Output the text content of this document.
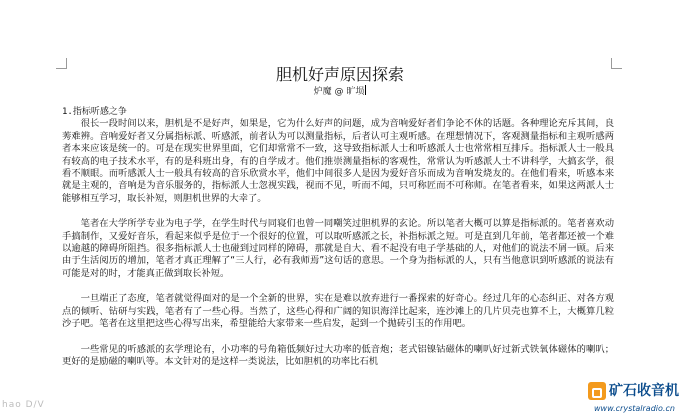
胆机好声原因探索
炉魔 @ 旷埙

1.指标听感之争

很长一段时间以来，胆机是不是好声，如果是，它为什么好声的问题，成为音响爱好者们争论不休的话题。各种理论充斥其间，良莠难辨。音响爱好者又分属指标派、听感派，前者认为可以测量指标，后者认可主观听感。在理想情况下，客观测量指标和主观听感两者本来应该是统一的。可是在现实世界里面，它们却常常不一致，这导致指标派人士和听感派人士也常常相互排斥。指标派人士一般具有较高的电子技术水平，有的是科班出身，有的自学成才。他们推崇测量指标的客观性，常常认为听感派人士不讲科学，大搞玄学，很看不顺眼。而听感派人士一般具有较高的音乐欣赏水平，他们中间很多人是因为爱好音乐而成为音响发烧友的。在他们看来，听感本来就是主观的，音响是为音乐服务的，指标派人士忽视实践，视而不见，听而不闻，只可称匠而不可称师。在笔者看来，如果这两派人士能够相互学习，取长补短，则胆机世界的大幸了。

笔者在大学所学专业为电子学，在学生时代与同寝们也曾一同嘲笑过胆机界的玄论。所以笔者大概可以算是指标派的。笔者喜欢动手搞制作，又爱好音乐，看起来似乎是位于一个很好的位置，可以取听感派之长，补指标派之短。可是直到几年前，笔者都还被一个难以逾越的障碍所阻挡。很多指标派人士也碰到过同样的障碍，那就是自大、看不起没有电子学基础的人，对他们的说法不屑一顾。后来由于生活阅历的增加，笔者才真正理解了“三人行，必有我师焉”这句话的意思。一个身为指标派的人，只有当他意识到听感派的说法有可能是对的时，才能真正做到取长补短。

一旦端正了态度，笔者就觉得面对的是一个全新的世界，实在是难以放弃进行一番探索的好奇心。经过几年的心态纠正、对各方观点的倾听、钻研与实践，笔者有了一些心得。当然了，这些心得和广阔的知识海洋比起来，连沙滩上的几片贝壳也算不上，大概算几粒沙子吧。笔者在这里把这些心得写出来，希望能给大家带来一些启发，起到一个抛砖引玉的作用吧。

一些常见的听感派的玄学理论有，小功率的号角箱低频好过大功率的低音炮；老式铝镍钴磁体的喇叭好过新式铁氧体磁体的喇叭；更好的是励磁的喇叭等。本文针对的是这样一类说法，比如胆机的功率比石机

hao D/V
矿石收音机
www.crystalradio.cn
